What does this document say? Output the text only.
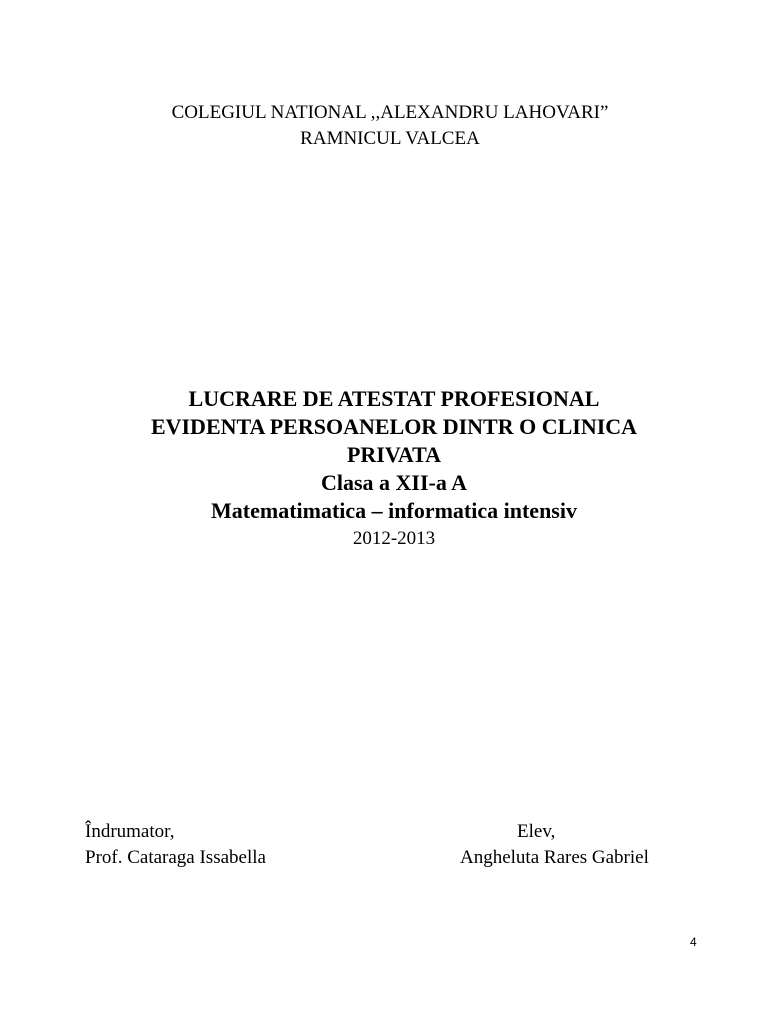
COLEGIUL NATIONAL ,,ALEXANDRU LAHOVARI”
RAMNICUL VALCEA
LUCRARE DE ATESTAT PROFESIONAL
EVIDENTA PERSOANELOR DINTR O CLINICA
PRIVATA
Clasa a XII-a A
Matematimatica – informatica intensiv
2012-2013
Îndrumator,
Prof. Cataraga Issabella
Elev,
Angheluta Rares Gabriel
4
